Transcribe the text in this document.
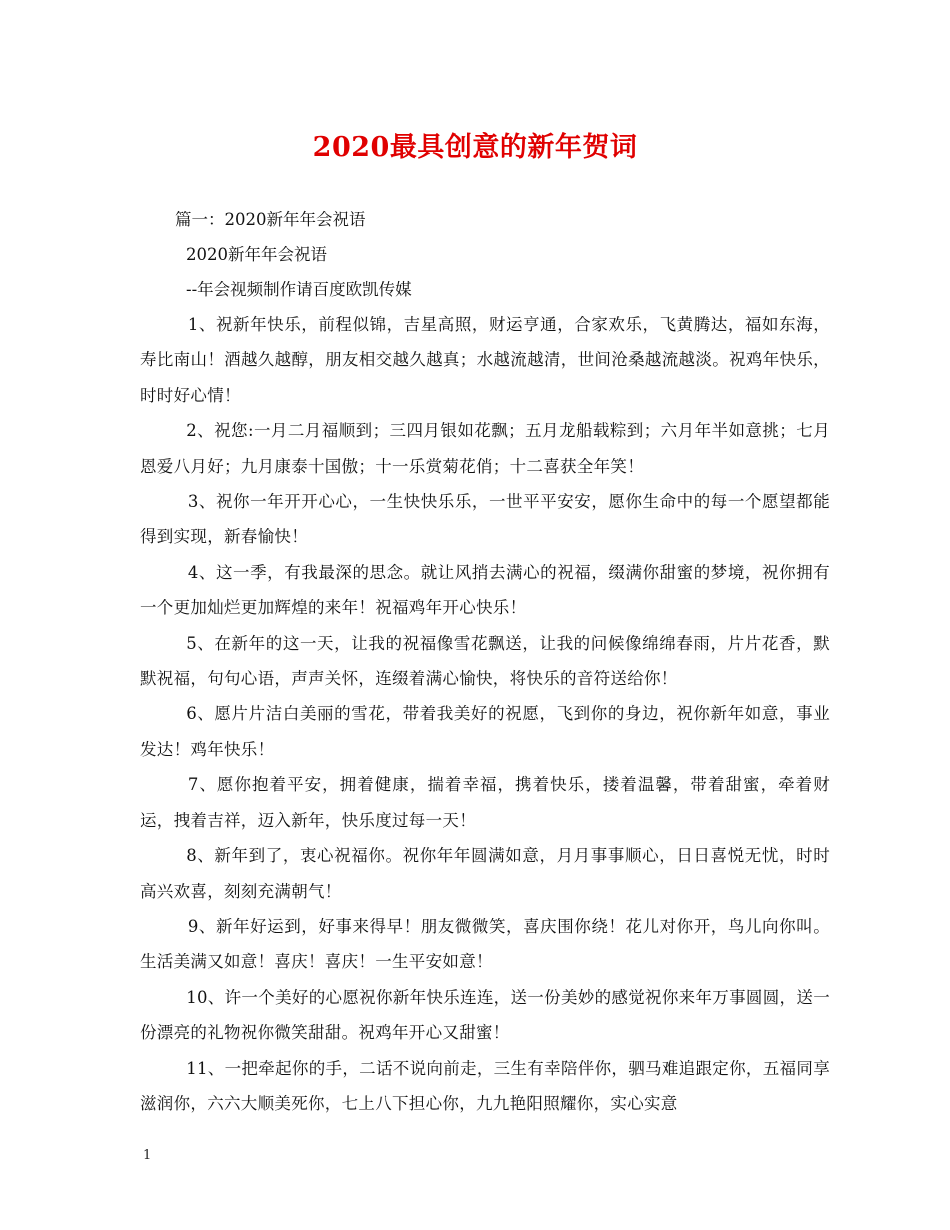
2020最具创意的新年贺词
篇一：2020新年年会祝语
2020新年年会祝语
--年会视频制作请百度欧凯传媒

1、祝新年快乐，前程似锦，吉星高照，财运亨通，合家欢乐，飞黄腾达，福如东海，寿比南山！酒越久越醇，朋友相交越久越真；水越流越清，世间沧桑越流越淡。祝鸡年快乐，时时好心情！

2、祝您:一月二月福顺到；三四月银如花飘；五月龙船载粽到；六月年半如意挑；七月恩爱八月好；九月康泰十国傲；十一乐赏菊花俏；十二喜获全年笑！

3、祝你一年开开心心，一生快快乐乐，一世平平安安，愿你生命中的每一个愿望都能得到实现，新春愉快！

4、这一季，有我最深的思念。就让风捎去满心的祝福，缀满你甜蜜的梦境，祝你拥有一个更加灿烂更加辉煌的来年！祝福鸡年开心快乐！

5、在新年的这一天，让我的祝福像雪花飘送，让我的问候像绵绵春雨，片片花香，默默祝福，句句心语，声声关怀，连缀着满心愉快，将快乐的音符送给你！

6、愿片片洁白美丽的雪花，带着我美好的祝愿，飞到你的身边，祝你新年如意，事业发达！鸡年快乐！

7、愿你抱着平安，拥着健康，揣着幸福，携着快乐，搂着温馨，带着甜蜜，牵着财运，拽着吉祥，迈入新年，快乐度过每一天！

8、新年到了，衷心祝福你。祝你年年圆满如意，月月事事顺心，日日喜悦无忧，时时高兴欢喜，刻刻充满朝气！

9、新年好运到，好事来得早！朋友微微笑，喜庆围你绕！花儿对你开，鸟儿向你叫。生活美满又如意！喜庆！喜庆！一生平安如意！

10、许一个美好的心愿祝你新年快乐连连，送一份美妙的感觉祝你来年万事圆圆，送一份漂亮的礼物祝你微笑甜甜。祝鸡年开心又甜蜜！

11、一把牵起你的手，二话不说向前走，三生有幸陪伴你，驷马难追跟定你，五福同享滋润你，六六大顺美死你，七上八下担心你，九九艳阳照耀你，实心实意

1
